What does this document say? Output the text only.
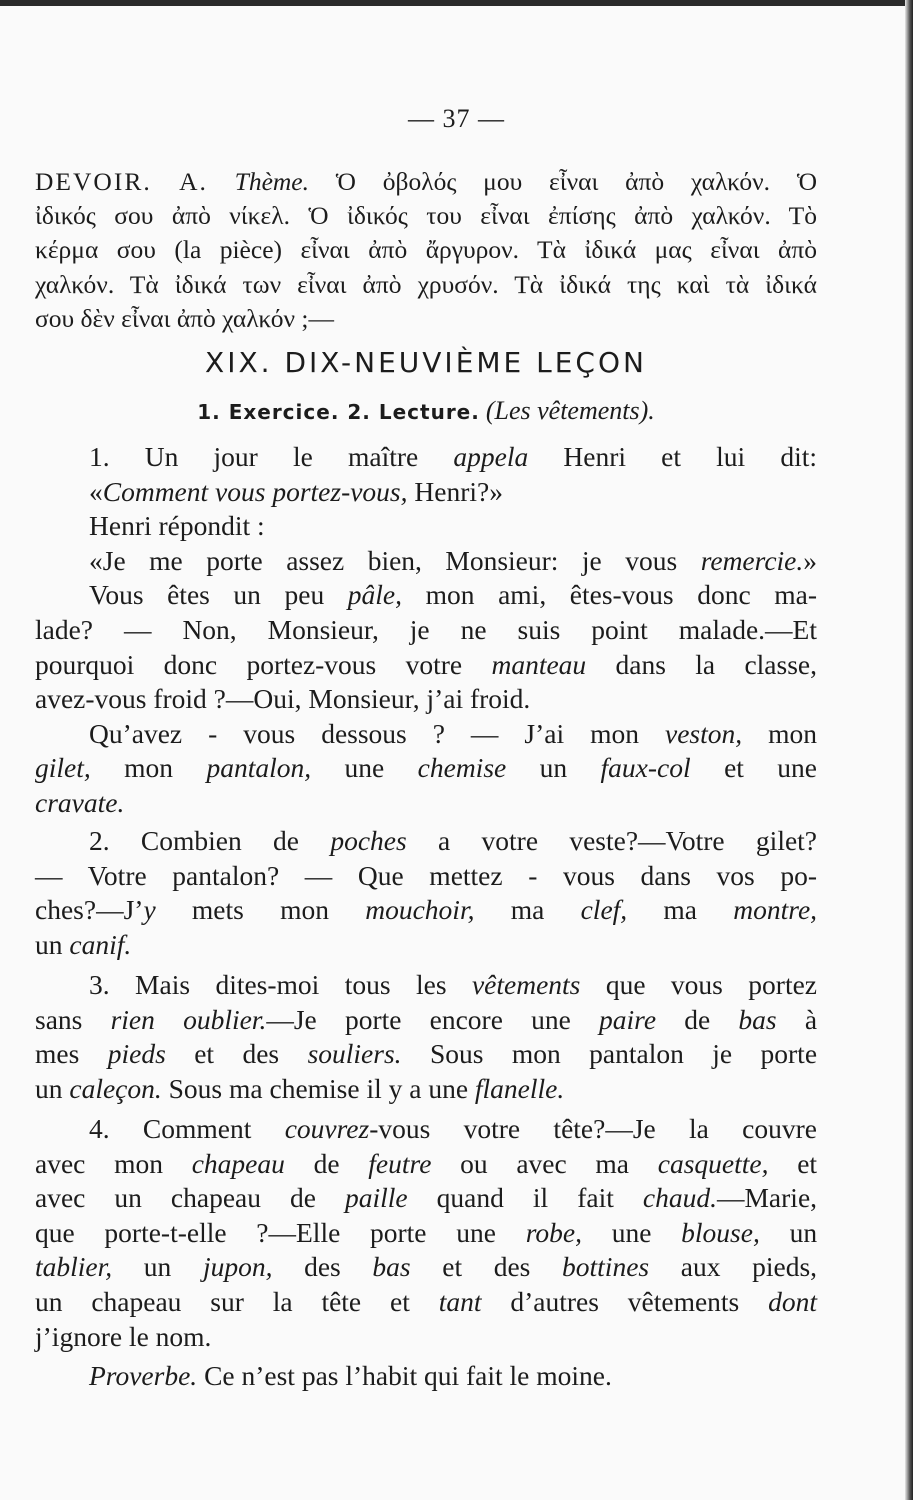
— 37 —
DEVOIR. A. Thème. Ὁ ὀβολός μου εἶναι ἀπὸ χαλκόν. Ὁ
ἰδικός σου ἀπὸ νίκελ. Ὁ ἰδικός του εἶναι ἐπίσης ἀπὸ χαλκόν. Τὸ
κέρμα σου (la pièce) εἶναι ἀπὸ ἄργυρον. Τὰ ἰδικά μας εἶναι ἀπὸ
χαλκόν. Τὰ ἰδικά των εἶναι ἀπὸ χρυσόν. Τὰ ἰδικά της καὶ τὰ ἰδικά
σου δὲν εἶναι ἀπὸ χαλκόν ;—
XIX. DIX-NEUVIÈME LEÇON
1. Exercice. 2. Lecture. (Les vêtements).
1. Un jour le maître appela Henri et lui dit:
«Comment vous portez-vous, Henri?»
Henri répondit :
«Je me porte assez bien, Monsieur: je vous remercie.»
Vous êtes un peu pâle, mon ami, êtes-vous donc ma-
lade? — Non, Monsieur, je ne suis point malade.—Et
pourquoi donc portez-vous votre manteau dans la classe,
avez-vous froid ?—Oui, Monsieur, j’ai froid.
Qu’avez - vous dessous ? — J’ai mon veston, mon
gilet, mon pantalon, une chemise un faux-col et une
cravate.
2. Combien de poches a votre veste?—Votre gilet?
— Votre pantalon? — Que mettez - vous dans vos po-
ches?—J’y mets mon mouchoir, ma clef, ma montre,
un canif.
3. Mais dites-moi tous les vêtements que vous portez
sans rien oublier.—Je porte encore une paire de bas à
mes pieds et des souliers. Sous mon pantalon je porte
un caleçon. Sous ma chemise il y a une flanelle.
4. Comment couvrez-vous votre tête?—Je la couvre
avec mon chapeau de feutre ou avec ma casquette, et
avec un chapeau de paille quand il fait chaud.—Marie,
que porte-t-elle ?—Elle porte une robe, une blouse, un
tablier, un jupon, des bas et des bottines aux pieds,
un chapeau sur la tête et tant d’autres vêtements dont
j’ignore le nom.
Proverbe. Ce n’est pas l’habit qui fait le moine.
